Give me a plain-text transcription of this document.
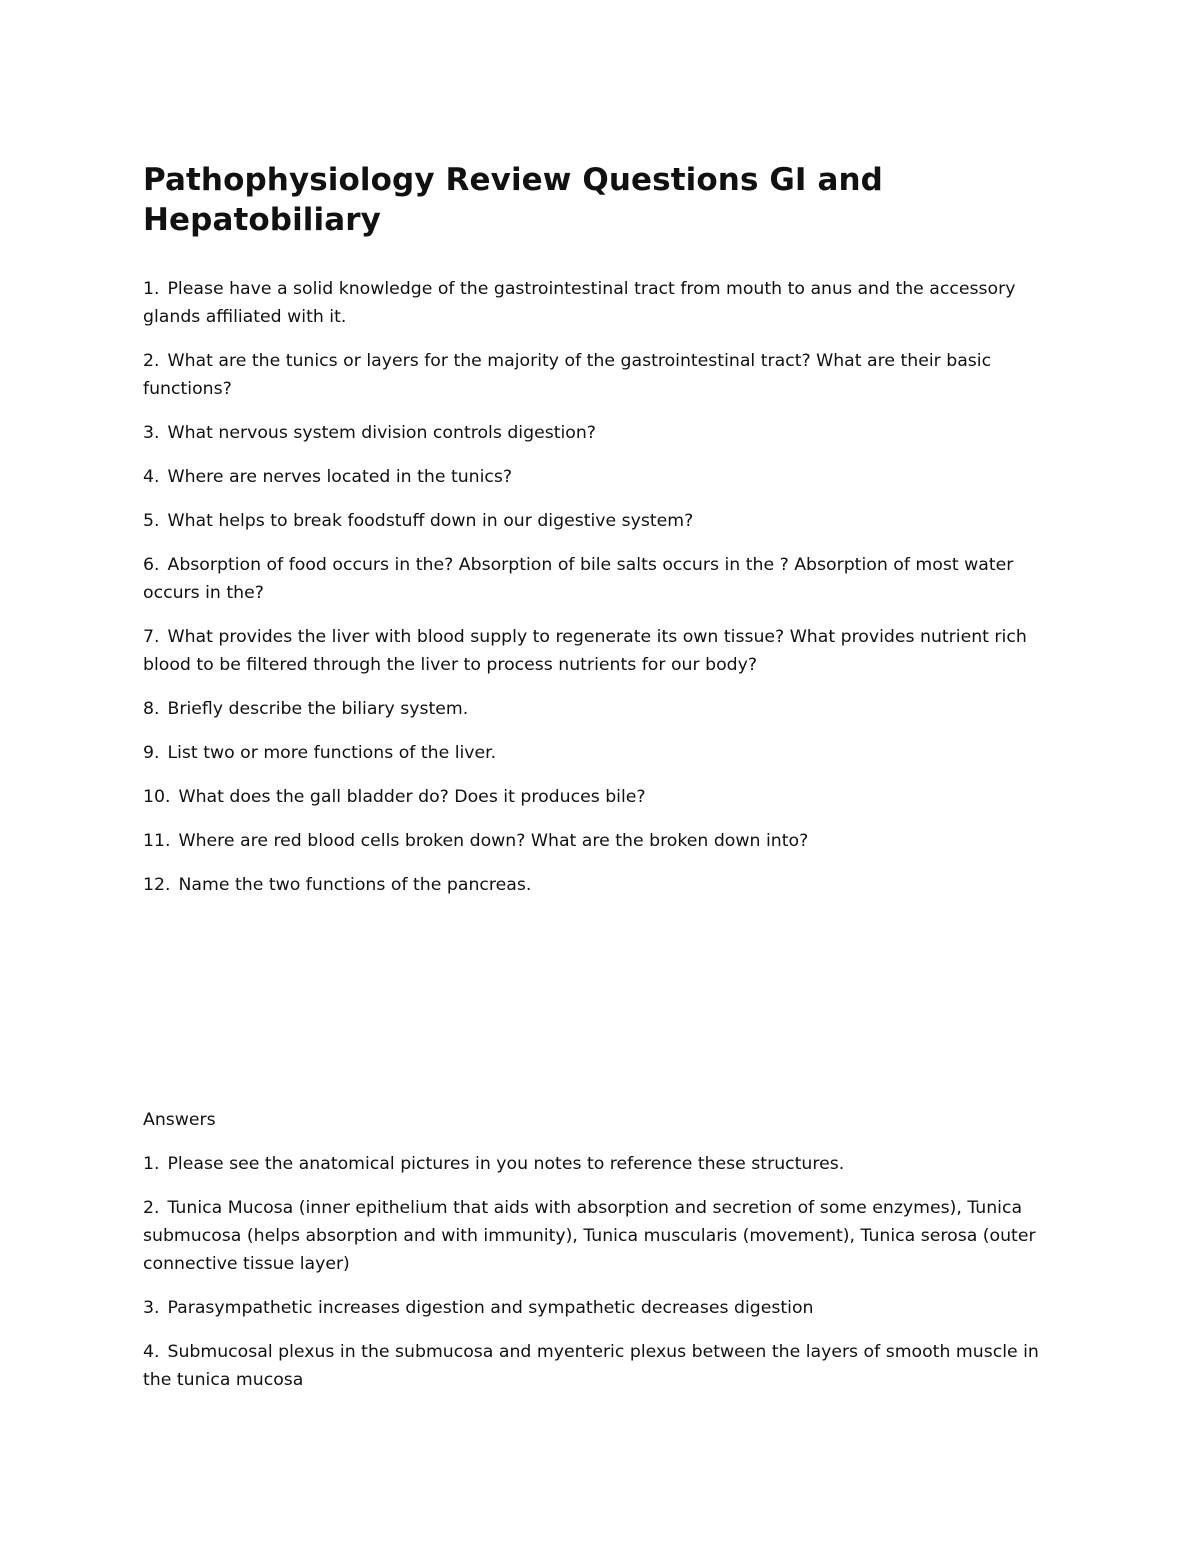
Pathophysiology Review Questions GI and Hepatobiliary

1. Please have a solid knowledge of the gastrointestinal tract from mouth to anus and the accessory glands affiliated with it.

2. What are the tunics or layers for the majority of the gastrointestinal tract? What are their basic functions?

3. What nervous system division controls digestion?

4. Where are nerves located in the tunics?

5. What helps to break foodstuff down in our digestive system?

6. Absorption of food occurs in the? Absorption of bile salts occurs in the ? Absorption of most water occurs in the?

7. What provides the liver with blood supply to regenerate its own tissue? What provides nutrient rich blood to be filtered through the liver to process nutrients for our body?

8. Briefly describe the biliary system.

9. List two or more functions of the liver.

10. What does the gall bladder do? Does it produces bile?

11. Where are red blood cells broken down? What are the broken down into?

12. Name the two functions of the pancreas.

Answers

1. Please see the anatomical pictures in you notes to reference these structures.

2. Tunica Mucosa (inner epithelium that aids with absorption and secretion of some enzymes), Tunica submucosa (helps absorption and with immunity), Tunica muscularis (movement), Tunica serosa (outer connective tissue layer)

3. Parasympathetic increases digestion and sympathetic decreases digestion

4. Submucosal plexus in the submucosa and myenteric plexus between the layers of smooth muscle in the tunica mucosa
